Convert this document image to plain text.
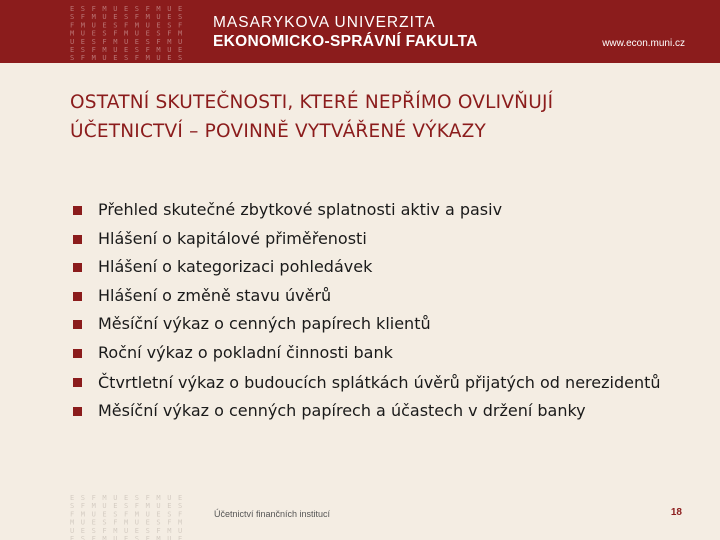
E S F M U E S F M U E
S F M U E S F M U E S
F M U E S F M U E S F
M U E S F M U E S F M
U E S F M U E S F M U
E S F M U E S F M U E
S F M U E S F M U E S
MASARYKOVA UNIVERZITA
EKONOMICKO-SPRÁVNÍ FAKULTA	www.econ.muni.cz
OSTATNÍ SKUTEČNOSTI, KTERÉ NEPŘÍMO OVLIVŇUJÍ
ÚČETNICTVÍ – POVINNĚ VYTVÁŘENÉ VÝKAZY
Přehled skutečné zbytkové splatnosti aktiv a pasiv
Hlášení o kapitálové přiměřenosti
Hlášení o kategorizaci pohledávek
Hlášení o změně stavu úvěrů
Měsíční výkaz o cenných papírech klientů
Roční výkaz o pokladní činnosti bank
Čtvrtletní výkaz o budoucích splátkách úvěrů přijatých od nerezidentů
Měsíční výkaz o cenných papírech a účastech v držení banky
E S F M U E S F M U E
S F M U E S F M U E S
F M U E S F M U E S F
M U E S F M U E S F M
U E S F M U E S F M U
E S F M U E S F M U E
Účetnictví finančních institucí	18
